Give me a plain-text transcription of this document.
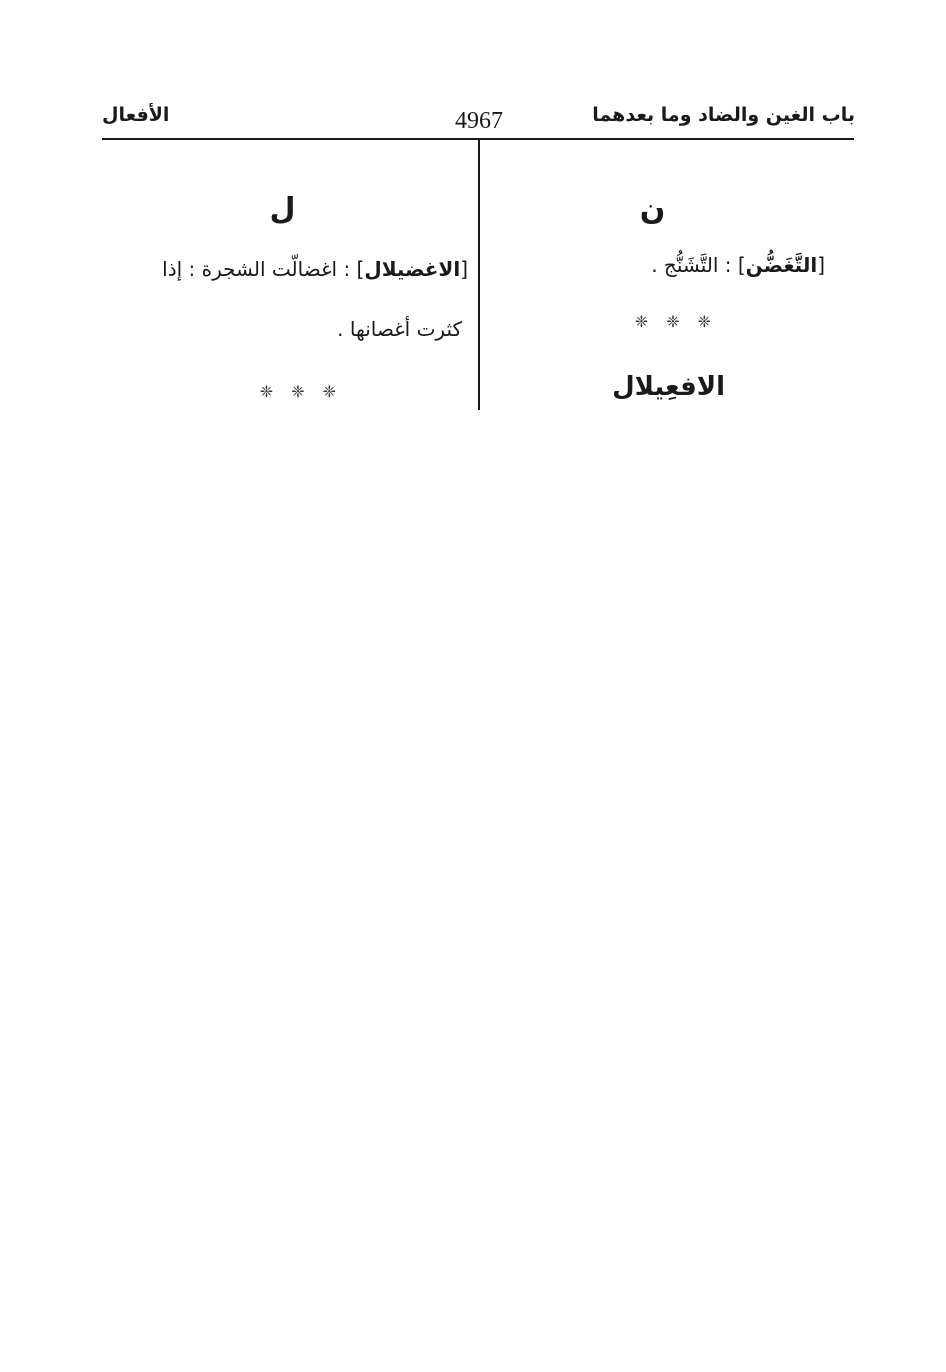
باب الغين والضاد وما بعدهما
4967
الأفعال
ن
[التَّغَضُّن] : التَّشَنُّج .
❈❈❈
الافعِيلال
ل
[الاغضيلال] : اغضالّت الشجرة : إذا
كثرت أغصانها .
❈❈❈
